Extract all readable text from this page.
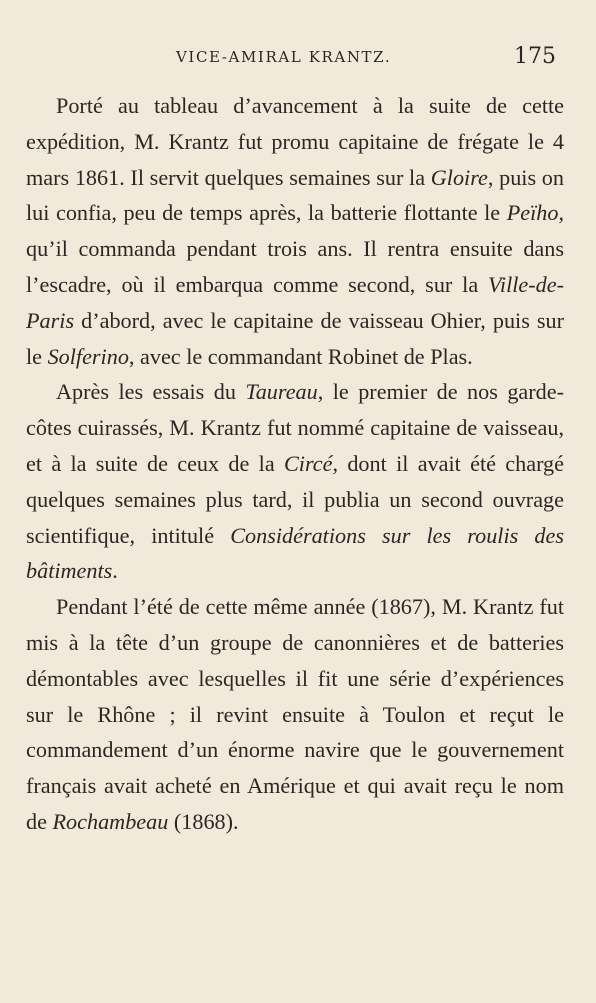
VICE-AMIRAL KRANTZ.	175

Porté au tableau d’avancement à la suite de cette expédition, M. Krantz fut promu capitaine de frégate le 4 mars 1861. Il servit quelques semaines sur la Gloire, puis on lui confia, peu de temps après, la batterie flottante le Peïho, qu’il commanda pendant trois ans. Il rentra ensuite dans l’escadre, où il embarqua comme second, sur la Ville-de-Paris d’abord, avec le capitaine de vaisseau Ohier, puis sur le Solferino, avec le commandant Robinet de Plas.

Après les essais du Taureau, le premier de nos garde-côtes cuirassés, M. Krantz fut nommé capitaine de vaisseau, et à la suite de ceux de la Circé, dont il avait été chargé quelques semaines plus tard, il publia un second ouvrage scientifique, intitulé Considérations sur les roulis des bâtiments.

Pendant l’été de cette même année (1867), M. Krantz fut mis à la tête d’un groupe de canonnières et de batteries démontables avec lesquelles il fit une série d’expériences sur le Rhône ; il revint ensuite à Toulon et reçut le commandement d’un énorme navire que le gouvernement français avait acheté en Amérique et qui avait reçu le nom de Rochambeau (1868).
